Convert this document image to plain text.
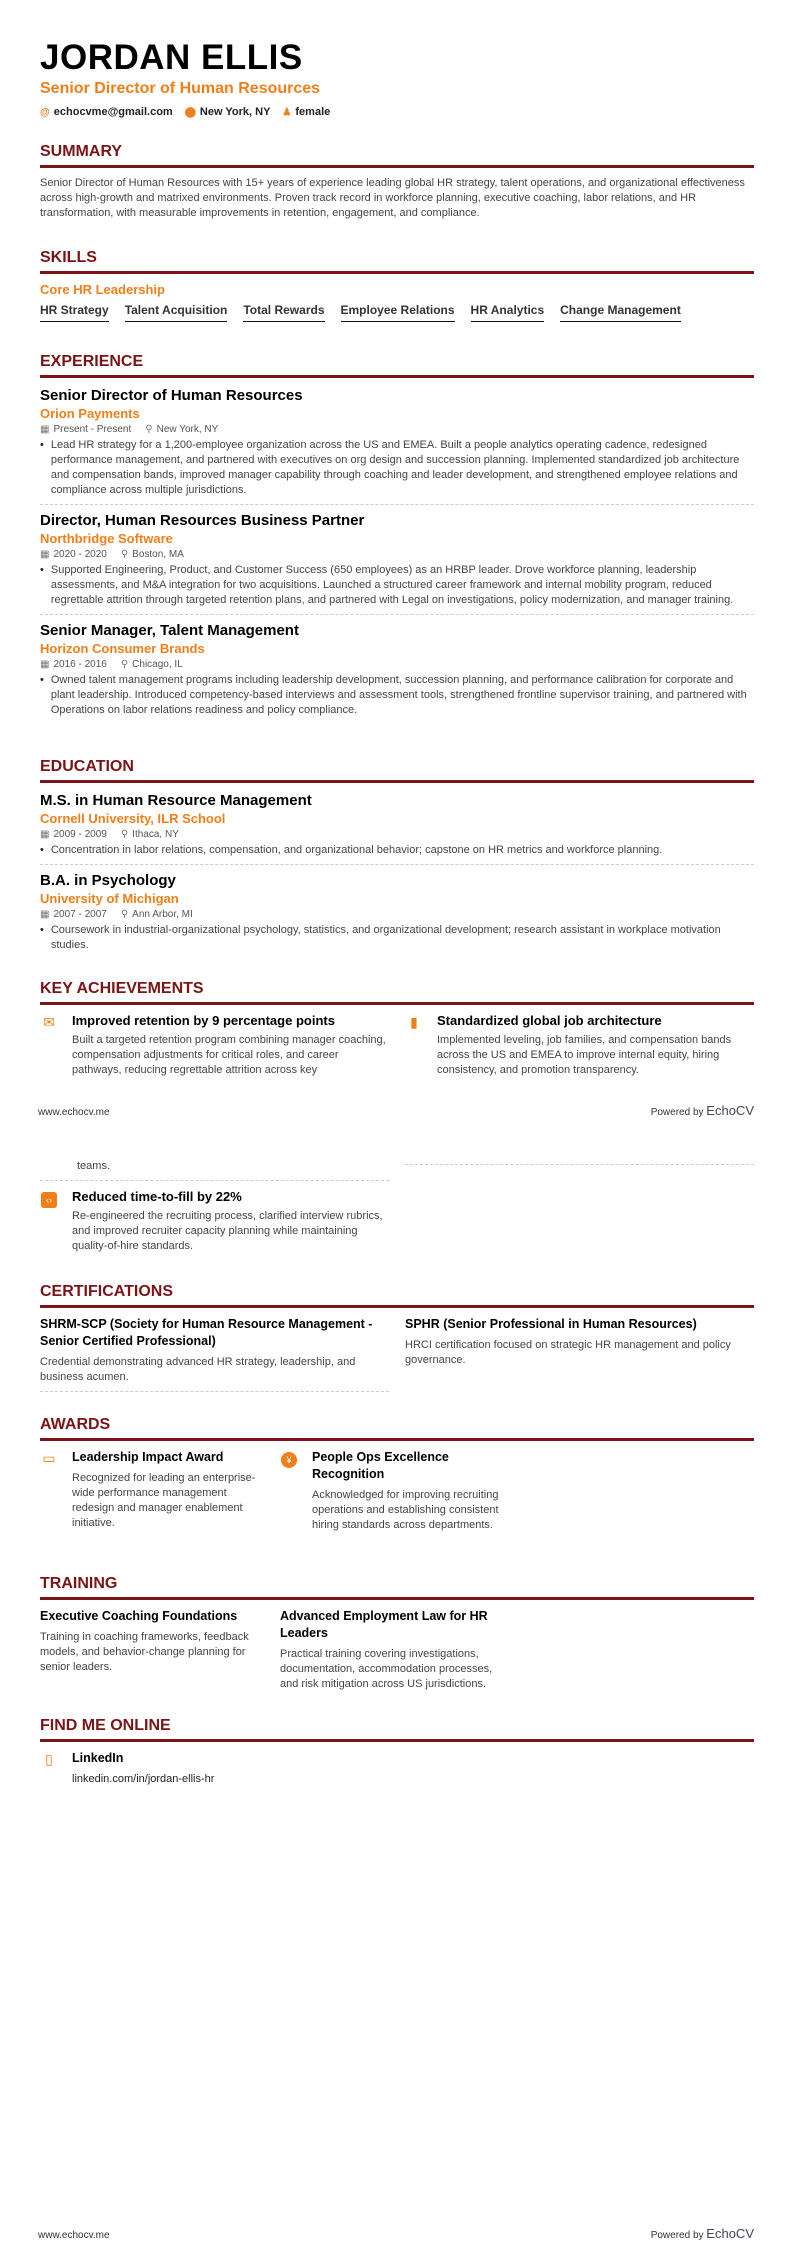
JORDAN ELLIS
Senior Director of Human Resources
@ echocvme@gmail.com ⬤ New York, NY ♟ female
SUMMARY
Senior Director of Human Resources with 15+ years of experience leading global HR strategy, talent operations, and organizational effectiveness across high-growth and matrixed environments. Proven track record in workforce planning, executive coaching, labor relations, and HR transformation, with measurable improvements in retention, engagement, and compliance.
SKILLS
Core HR Leadership
HR Strategy Talent Acquisition Total Rewards Employee Relations HR Analytics Change Management
EXPERIENCE
Senior Director of Human Resources
Orion Payments
▦ Present - Present ⚲ New York, NY
• Lead HR strategy for a 1,200-employee organization across the US and EMEA. Built a people analytics operating cadence, redesigned performance management, and partnered with executives on org design and succession planning. Implemented standardized job architecture and compensation bands, improved manager capability through coaching and leader development, and strengthened employee relations and compliance across multiple jurisdictions.
Director, Human Resources Business Partner
Northbridge Software
▦ 2020 - 2020 ⚲ Boston, MA
• Supported Engineering, Product, and Customer Success (650 employees) as an HRBP leader. Drove workforce planning, leadership assessments, and M&A integration for two acquisitions. Launched a structured career framework and internal mobility program, reduced regrettable attrition through targeted retention plans, and partnered with Legal on investigations, policy modernization, and manager training.
Senior Manager, Talent Management
Horizon Consumer Brands
▦ 2016 - 2016 ⚲ Chicago, IL
• Owned talent management programs including leadership development, succession planning, and performance calibration for corporate and plant leadership. Introduced competency-based interviews and assessment tools, strengthened frontline supervisor training, and partnered with Operations on labor relations readiness and policy compliance.
EDUCATION
M.S. in Human Resource Management
Cornell University, ILR School
▦ 2009 - 2009 ⚲ Ithaca, NY
• Concentration in labor relations, compensation, and organizational behavior; capstone on HR metrics and workforce planning.
B.A. in Psychology
University of Michigan
▦ 2007 - 2007 ⚲ Ann Arbor, MI
• Coursework in industrial-organizational psychology, statistics, and organizational development; research assistant in workplace motivation studies.
KEY ACHIEVEMENTS
✉ Improved retention by 9 percentage points
Built a targeted retention program combining manager coaching, compensation adjustments for critical roles, and career pathways, reducing regrettable attrition across key
▮	Standardized global job architecture
Implemented leveling, job families, and compensation bands across the US and EMEA to improve internal equity, hiring consistency, and promotion transparency.
www.echocv.me	Powered by EchoCV
teams.
‹›	Reduced time-to-fill by 22%
Re-engineered the recruiting process, clarified interview rubrics, and improved recruiter capacity planning while maintaining quality-of-hire standards.
CERTIFICATIONS
SHRM-SCP (Society for Human Resource Management - Senior Certified Professional)
Credential demonstrating advanced HR strategy, leadership, and business acumen.
SPHR (Senior Professional in Human Resources)
HRCI certification focused on strategic HR management and policy governance.
AWARDS
▭ Leadership Impact Award
Recognized for leading an enterprise-wide performance management redesign and manager enablement initiative.
¥	People Ops Excellence Recognition
Acknowledged for improving recruiting operations and establishing consistent hiring standards across departments.
TRAINING
Executive Coaching Foundations
Training in coaching frameworks, feedback models, and behavior-change planning for senior leaders.
Advanced Employment Law for HR Leaders
Practical training covering investigations, documentation, accommodation processes, and risk mitigation across US jurisdictions.
FIND ME ONLINE
▯	LinkedIn
linkedin.com/in/jordan-ellis-hr
www.echocv.me	Powered by EchoCV
